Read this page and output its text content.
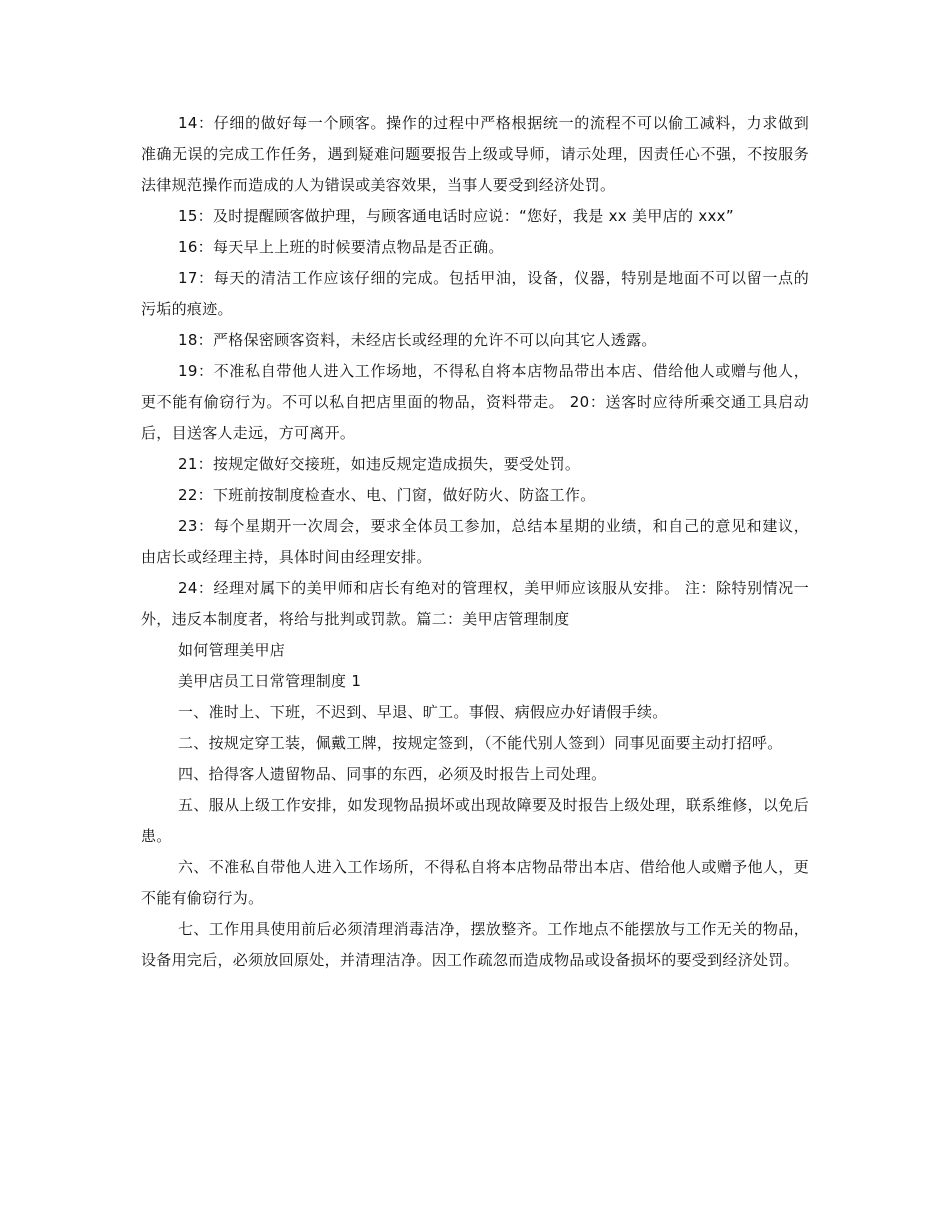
14：仔细的做好每一个顾客。操作的过程中严格根据统一的流程不可以偷工减料，力求做到准确无误的完成工作任务，遇到疑难问题要报告上级或导师，请示处理，因责任心不强，不按服务法律规范操作而造成的人为错误或美容效果，当事人要受到经济处罚。

15：及时提醒顾客做护理，与顾客通电话时应说：“您好，我是 xx 美甲店的 xxx”

16：每天早上上班的时候要清点物品是否正确。

17：每天的清洁工作应该仔细的完成。包括甲油，设备，仪器，特别是地面不可以留一点的污垢的痕迹。

18：严格保密顾客资料，未经店长或经理的允许不可以向其它人透露。

19：不准私自带他人进入工作场地，不得私自将本店物品带出本店、借给他人或赠与他人，更不能有偷窃行为。不可以私自把店里面的物品，资料带走。 20：送客时应待所乘交通工具启动后，目送客人走远，方可离开。

21：按规定做好交接班，如违反规定造成损失，要受处罚。

22：下班前按制度检查水、电、门窗，做好防火、防盗工作。

23：每个星期开一次周会，要求全体员工参加，总结本星期的业绩，和自己的意见和建议，由店长或经理主持，具体时间由经理安排。

24：经理对属下的美甲师和店长有绝对的管理权，美甲师应该服从安排。 注：除特别情况一外，违反本制度者，将给与批判或罚款。篇二：美甲店管理制度

如何管理美甲店

美甲店员工日常管理制度 1

一、准时上、下班，不迟到、早退、旷工。事假、病假应办好请假手续。

二、按规定穿工装，佩戴工牌，按规定签到，（不能代别人签到）同事见面要主动打招呼。

四、拾得客人遗留物品、同事的东西，必须及时报告上司处理。

五、服从上级工作安排，如发现物品损坏或出现故障要及时报告上级处理，联系维修，以免后患。

六、不准私自带他人进入工作场所，不得私自将本店物品带出本店、借给他人或赠予他人，更不能有偷窃行为。

七、工作用具使用前后必须清理消毒洁净，摆放整齐。工作地点不能摆放与工作无关的物品，设备用完后，必须放回原处，并清理洁净。因工作疏忽而造成物品或设备损坏的要受到经济处罚。
